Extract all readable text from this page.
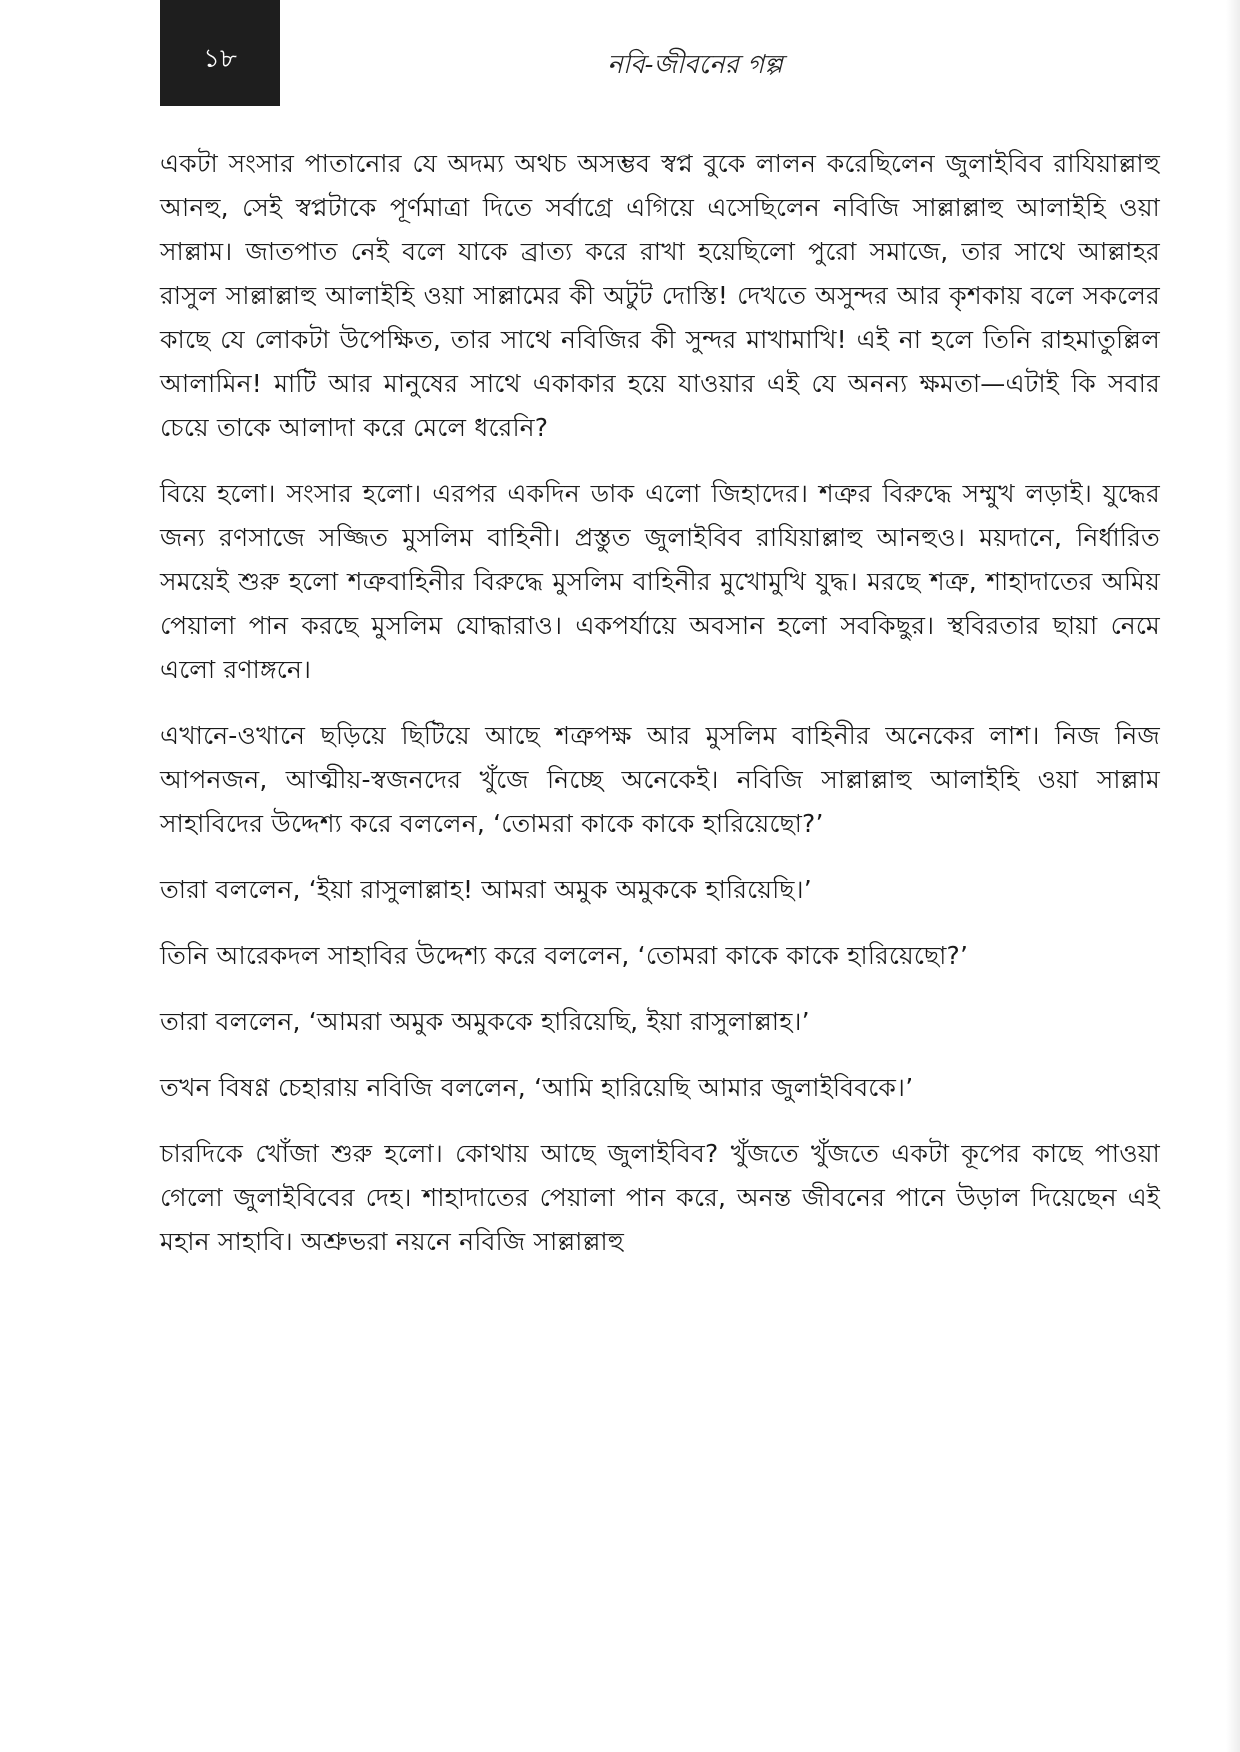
১৮	নবি-জীবনের গল্প

একটা সংসার পাতানোর যে অদম্য অথচ অসম্ভব স্বপ্ন বুকে লালন করেছিলেন জুলাইবিব রাযিয়াল্লাহু আনহু, সেই স্বপ্নটাকে পূর্ণমাত্রা দিতে সর্বাগ্রে এগিয়ে এসেছিলেন নবিজি সাল্লাল্লাহু আলাইহি ওয়া সাল্লাম। জাতপাত নেই বলে যাকে ব্রাত্য করে রাখা হয়েছিলো পুরো সমাজে, তার সাথে আল্লাহর রাসুল সাল্লাল্লাহু আলাইহি ওয়া সাল্লামের কী অটুট দোস্তি! দেখতে অসুন্দর আর কৃশকায় বলে সকলের কাছে যে লোকটা উপেক্ষিত, তার সাথে নবিজির কী সুন্দর মাখামাখি! এই না হলে তিনি রাহমাতুল্লিল আলামিন! মাটি আর মানুষের সাথে একাকার হয়ে যাওয়ার এই যে অনন্য ক্ষমতা—এটাই কি সবার চেয়ে তাকে আলাদা করে মেলে ধরেনি?

বিয়ে হলো। সংসার হলো। এরপর একদিন ডাক এলো জিহাদের। শত্রুর বিরুদ্ধে সম্মুখ লড়াই। যুদ্ধের জন্য রণসাজে সজ্জিত মুসলিম বাহিনী। প্রস্তুত জুলাইবিব রাযিয়াল্লাহু আনহুও। ময়দানে, নির্ধারিত সময়েই শুরু হলো শত্রুবাহিনীর বিরুদ্ধে মুসলিম বাহিনীর মুখোমুখি যুদ্ধ। মরছে শত্রু, শাহাদাতের অমিয় পেয়ালা পান করছে মুসলিম যোদ্ধারাও। একপর্যায়ে অবসান হলো সবকিছুর। স্থবিরতার ছায়া নেমে এলো রণাঙ্গনে।

এখানে-ওখানে ছড়িয়ে ছিটিয়ে আছে শত্রুপক্ষ আর মুসলিম বাহিনীর অনেকের লাশ। নিজ নিজ আপনজন, আত্মীয়-স্বজনদের খুঁজে নিচ্ছে অনেকেই। নবিজি সাল্লাল্লাহু আলাইহি ওয়া সাল্লাম সাহাবিদের উদ্দেশ্য করে বললেন, ‘তোমরা কাকে কাকে হারিয়েছো?’

তারা বললেন, ‘ইয়া রাসুলাল্লাহ! আমরা অমুক অমুককে হারিয়েছি।’

তিনি আরেকদল সাহাবির উদ্দেশ্য করে বললেন, ‘তোমরা কাকে কাকে হারিয়েছো?’

তারা বললেন, ‘আমরা অমুক অমুককে হারিয়েছি, ইয়া রাসুলাল্লাহ।’

তখন বিষণ্ণ চেহারায় নবিজি বললেন, ‘আমি হারিয়েছি আমার জুলাইবিবকে।’

চারদিকে খোঁজা শুরু হলো। কোথায় আছে জুলাইবিব? খুঁজতে খুঁজতে একটা কূপের কাছে পাওয়া গেলো জুলাইবিবের দেহ। শাহাদাতের পেয়ালা পান করে, অনন্ত জীবনের পানে উড়াল দিয়েছেন এই মহান সাহাবি। অশ্রুভরা নয়নে নবিজি সাল্লাল্লাহু
